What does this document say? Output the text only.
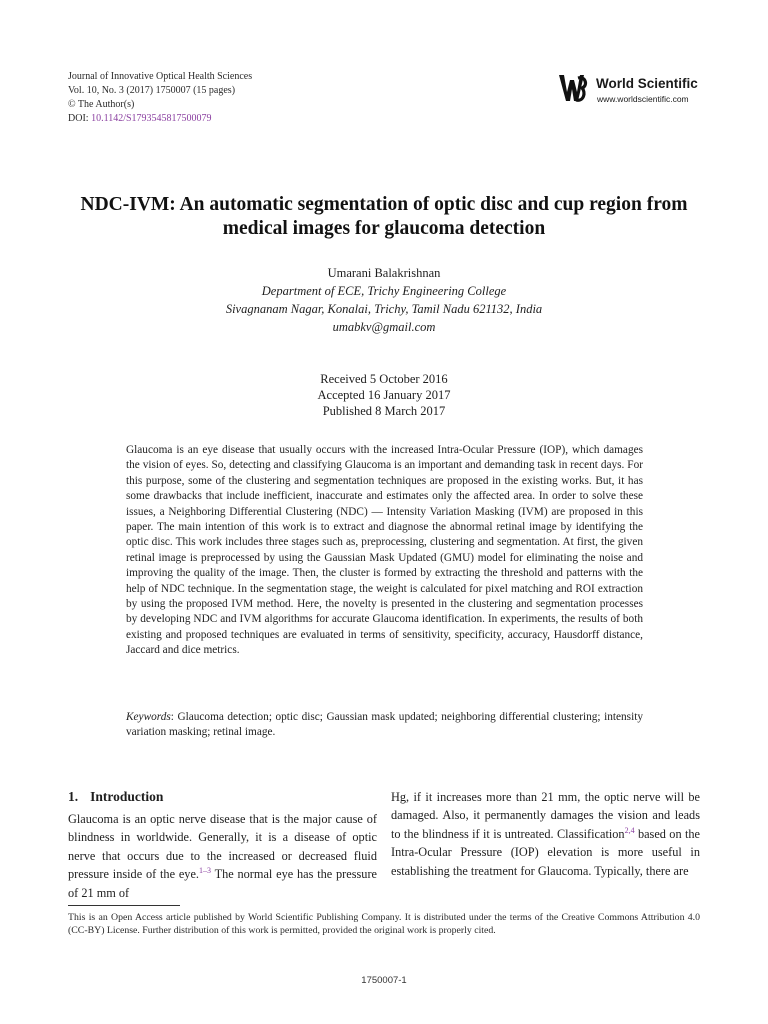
Journal of Innovative Optical Health Sciences
Vol. 10, No. 3 (2017) 1750007 (15 pages)
© The Author(s)
DOI: 10.1142/S1793545817500079
World Scientific
www.worldscientific.com
NDC-IVM: An automatic segmentation of optic disc and cup region from medical images for glaucoma detection
Umarani Balakrishnan
Department of ECE, Trichy Engineering College
Sivagnanam Nagar, Konalai, Trichy, Tamil Nadu 621132, India
umabkv@gmail.com
Received 5 October 2016
Accepted 16 January 2017
Published 8 March 2017
Glaucoma is an eye disease that usually occurs with the increased Intra-Ocular Pressure (IOP), which damages the vision of eyes. So, detecting and classifying Glaucoma is an important and demanding task in recent days. For this purpose, some of the clustering and segmentation techniques are proposed in the existing works. But, it has some drawbacks that include inefficient, inaccurate and estimates only the affected area. In order to solve these issues, a Neighboring Differential Clustering (NDC) — Intensity Variation Masking (IVM) are proposed in this paper. The main intention of this work is to extract and diagnose the abnormal retinal image by identifying the optic disc. This work includes three stages such as, preprocessing, clustering and segmentation. At first, the given retinal image is preprocessed by using the Gaussian Mask Updated (GMU) model for eliminating the noise and improving the quality of the image. Then, the cluster is formed by extracting the threshold and patterns with the help of NDC technique. In the segmentation stage, the weight is calculated for pixel matching and ROI extraction by using the proposed IVM method. Here, the novelty is presented in the clustering and segmentation processes by developing NDC and IVM algorithms for accurate Glaucoma identification. In experiments, the results of both existing and proposed techniques are evaluated in terms of sensitivity, specificity, accuracy, Hausdorff distance, Jaccard and dice metrics.
Keywords: Glaucoma detection; optic disc; Gaussian mask updated; neighboring differential clustering; intensity variation masking; retinal image.
1. Introduction
Glaucoma is an optic nerve disease that is the major cause of blindness in worldwide. Generally, it is a disease of optic nerve that occurs due to the increased or decreased fluid pressure inside of the eye.$^{1-3}$ The normal eye has the pressure of 21 mm of
Hg, if it increases more than 21 mm, the optic nerve will be damaged. Also, it permanently damages the vision and leads to the blindness if it is untreated. Classification$^{2,4}$ based on the Intra-Ocular Pressure (IOP) elevation is more useful in establishing the treatment for Glaucoma. Typically, there are
This is an Open Access article published by World Scientific Publishing Company. It is distributed under the terms of the Creative Commons Attribution 4.0 (CC-BY) License. Further distribution of this work is permitted, provided the original work is properly cited.
1750007-1
